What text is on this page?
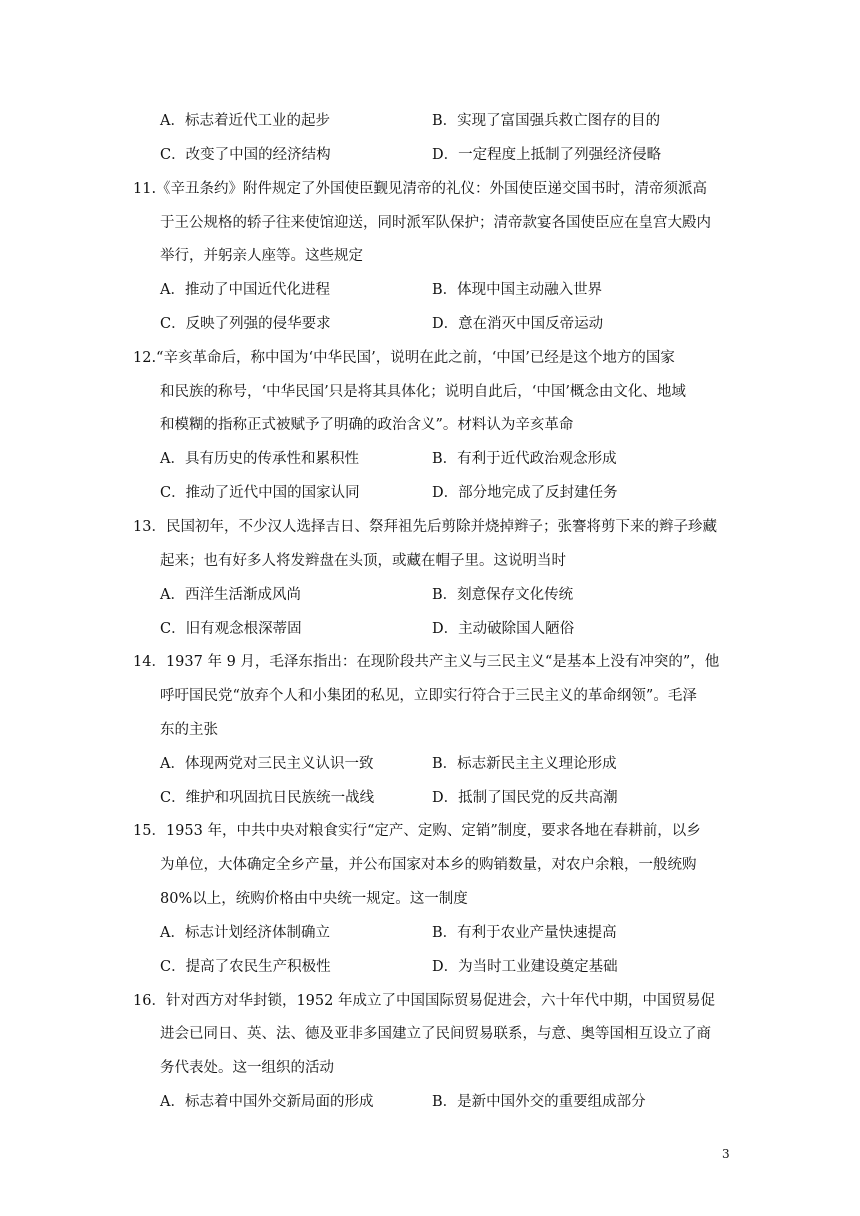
A．标志着近代工业的起步	B．实现了富国强兵救亡图存的目的
C．改变了中国的经济结构	D．一定程度上抵制了列强经济侵略
11.《辛丑条约》附件规定了外国使臣觐见清帝的礼仪：外国使臣递交国书时，清帝须派高
于王公规格的轿子往来使馆迎送，同时派军队保护；清帝款宴各国使臣应在皇宫大殿内
举行，并躬亲人座等。这些规定
A．推动了中国近代化进程	B．体现中国主动融入世界
C．反映了列强的侵华要求	D．意在消灭中国反帝运动
12.“辛亥革命后，称中国为‘中华民国’，说明在此之前，‘中国’已经是这个地方的国家
和民族的称号，‘中华民国’只是将其具体化；说明自此后，‘中国’概念由文化、地域
和模糊的指称正式被赋予了明确的政治含义”。材料认为辛亥革命
A．具有历史的传承性和累积性	B．有利于近代政治观念形成
C．推动了近代中国的国家认同	D．部分地完成了反封建任务
13．民国初年，不少汉人选择吉日、祭拜祖先后剪除并烧掉辫子；张謇将剪下来的辫子珍藏
起来；也有好多人将发辫盘在头顶，或藏在帽子里。这说明当时
A．西洋生活渐成风尚	B．刻意保存文化传统
C．旧有观念根深蒂固	D．主动破除国人陋俗
14．1937 年 9 月，毛泽东指出：在现阶段共产主义与三民主义“是基本上没有冲突的”，他
呼吁国民党“放弃个人和小集团的私见，立即实行符合于三民主义的革命纲领”。毛泽
东的主张
A．体现两党对三民主义认识一致	B．标志新民主主义理论形成
C．维护和巩固抗日民族统一战线	D．抵制了国民党的反共高潮
15．1953 年，中共中央对粮食实行“定产、定购、定销”制度，要求各地在春耕前，以乡
为单位，大体确定全乡产量，并公布国家对本乡的购销数量，对农户余粮，一般统购
80%以上，统购价格由中央统一规定。这一制度
A．标志计划经济体制确立	B．有利于农业产量快速提高
C．提高了农民生产积极性	D．为当时工业建设奠定基础
16．针对西方对华封锁，1952 年成立了中国国际贸易促进会，六十年代中期，中国贸易促
进会已同日、英、法、德及亚非多国建立了民间贸易联系，与意、奥等国相互设立了商
务代表处。这一组织的活动
A．标志着中国外交新局面的形成	B．是新中国外交的重要组成部分
3
